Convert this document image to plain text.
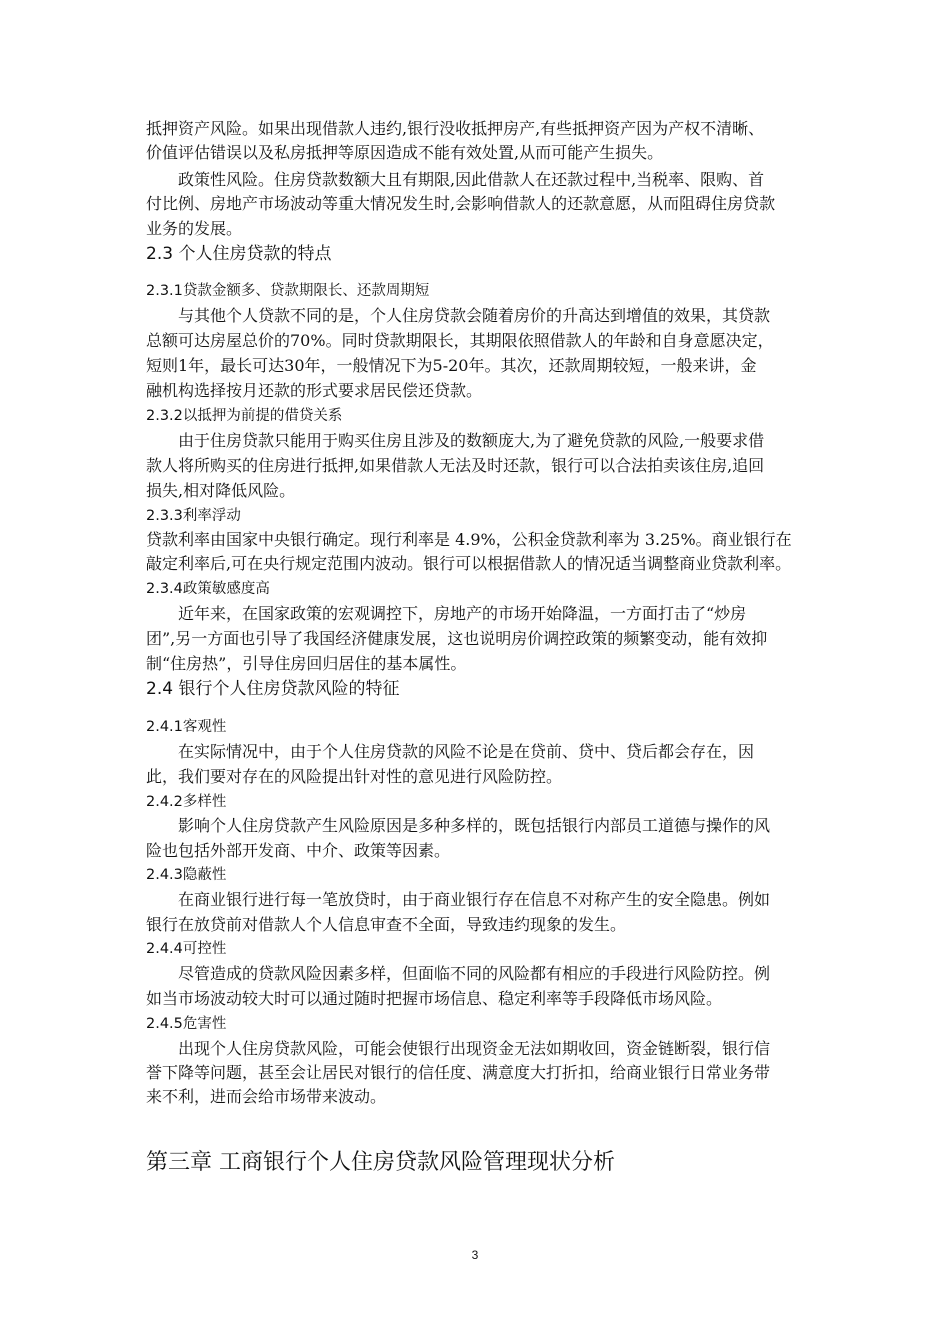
抵押资产风险。如果出现借款人违约,银行没收抵押房产,有些抵押资产因为产权不清晰、
价值评估错误以及私房抵押等原因造成不能有效处置,从而可能产生损失。
政策性风险。住房贷款数额大且有期限,因此借款人在还款过程中,当税率、限购、首
付比例、房地产市场波动等重大情况发生时,会影响借款人的还款意愿，从而阻碍住房贷款
业务的发展。
2.3 个人住房贷款的特点
2.3.1贷款金额多、贷款期限长、还款周期短
与其他个人贷款不同的是，个人住房贷款会随着房价的升高达到增值的效果，其贷款
总额可达房屋总价的70%。同时贷款期限长，其期限依照借款人的年龄和自身意愿决定，
短则1年，最长可达30年，一般情况下为5-20年。其次，还款周期较短，一般来讲，金
融机构选择按月还款的形式要求居民偿还贷款。
2.3.2以抵押为前提的借贷关系
由于住房贷款只能用于购买住房且涉及的数额庞大,为了避免贷款的风险,一般要求借
款人将所购买的住房进行抵押,如果借款人无法及时还款，银行可以合法拍卖该住房,追回
损失,相对降低风险。
2.3.3利率浮动
贷款利率由国家中央银行确定。现行利率是 4.9%，公积金贷款利率为 3.25%。商业银行在
敲定利率后,可在央行规定范围内波动。银行可以根据借款人的情况适当调整商业贷款利率。
2.3.4政策敏感度高
近年来，在国家政策的宏观调控下，房地产的市场开始降温，一方面打击了“炒房
团”,另一方面也引导了我国经济健康发展，这也说明房价调控政策的频繁变动，能有效抑
制“住房热”，引导住房回归居住的基本属性。
2.4 银行个人住房贷款风险的特征
2.4.1客观性
在实际情况中，由于个人住房贷款的风险不论是在贷前、贷中、贷后都会存在，因
此，我们要对存在的风险提出针对性的意见进行风险防控。
2.4.2多样性
影响个人住房贷款产生风险原因是多种多样的，既包括银行内部员工道德与操作的风
险也包括外部开发商、中介、政策等因素。
2.4.3隐蔽性
在商业银行进行每一笔放贷时，由于商业银行存在信息不对称产生的安全隐患。例如
银行在放贷前对借款人个人信息审查不全面，导致违约现象的发生。
2.4.4可控性
尽管造成的贷款风险因素多样，但面临不同的风险都有相应的手段进行风险防控。例
如当市场波动较大时可以通过随时把握市场信息、稳定利率等手段降低市场风险。
2.4.5危害性
出现个人住房贷款风险，可能会使银行出现资金无法如期收回，资金链断裂，银行信
誉下降等问题，甚至会让居民对银行的信任度、满意度大打折扣，给商业银行日常业务带
来不利，进而会给市场带来波动。
第三章 工商银行个人住房贷款风险管理现状分析
3
